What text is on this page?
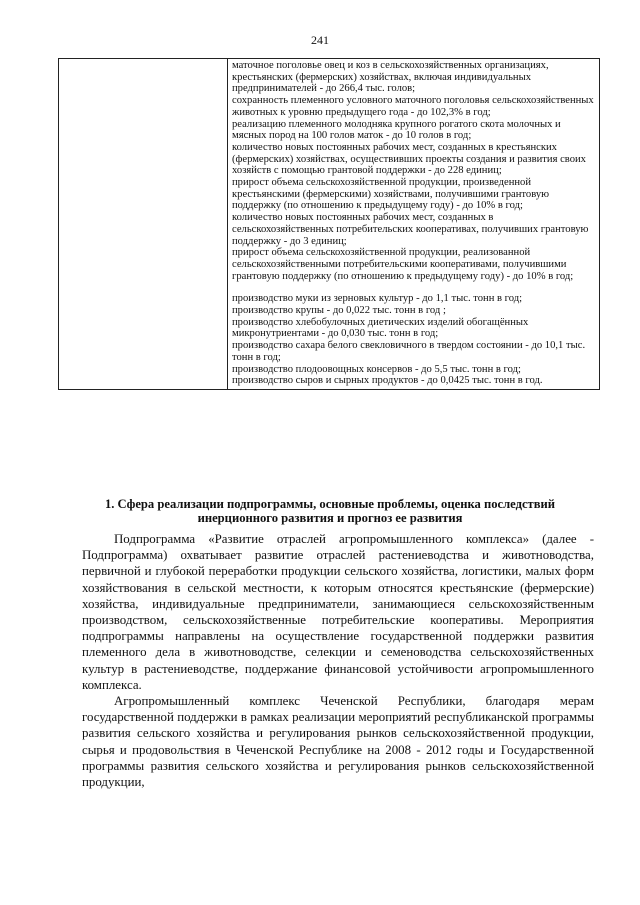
241

маточное поголовье овец и коз в сельскохозяйственных организациях, крестьянских (фермерских) хозяйствах, включая индивидуальных предпринимателей - до 266,4 тыс. голов;

сохранность племенного условного маточного поголовья сельскохозяйственных животных к уровню предыдущего года - до 102,3% в год;

реализацию племенного молодняка крупного рогатого скота молочных и мясных пород на 100 голов маток - до 10 голов в год;

количество новых постоянных рабочих мест, созданных в крестьянских (фермерских) хозяйствах, осуществивших проекты создания и развития своих хозяйств с помощью грантовой поддержки - до 228 единиц;

прирост объема сельскохозяйственной продукции, произведенной крестьянскими (фермерскими) хозяйствами, получившими грантовую поддержку (по отношению к предыдущему году) - до 10% в год;

количество новых постоянных рабочих мест, созданных в сельскохозяйственных потребительских кооперативах, получивших грантовую поддержку - до 3 единиц;

прирост объема сельскохозяйственной продукции, реализованной сельскохозяйственными потребительскими кооперативами, получившими грантовую поддержку (по отношению к предыдущему году) - до 10% в год;

производство муки из зерновых культур - до 1,1 тыс. тонн в год;

производство крупы - до 0,022 тыс. тонн в год ;

производство хлебобулочных диетических изделий обогащённых микронутриентами - до 0,030 тыс. тонн в год;

производство сахара белого свекловичного в твердом состоянии - до 10,1 тыс. тонн в год;

производство плодоовощных консервов - до 5,5 тыс. тонн в год;

производство сыров и сырных продуктов - до 0,0425 тыс. тонн в год.

1. Сфера реализации подпрограммы, основные проблемы, оценка последствий инерционного развития и прогноз ее развития

Подпрограмма «Развитие отраслей агропромышленного комплекса» (далее - Подпрограмма) охватывает развитие отраслей растениеводства и животноводства, первичной и глубокой переработки продукции сельского хозяйства, логистики, малых форм хозяйствования в сельской местности, к которым относятся крестьянские (фермерские) хозяйства, индивидуальные предприниматели, занимающиеся сельскохозяйственным производством, сельскохозяйственные потребительские кооперативы. Мероприятия подпрограммы направлены на осуществление государственной поддержки развития племенного дела в животноводстве, селекции и семеноводства сельскохозяйственных культур в растениеводстве, поддержание финансовой устойчивости агропромышленного комплекса.

Агропромышленный комплекс Чеченской Республики, благодаря мерам государственной поддержки в рамках реализации мероприятий республиканской программы развития сельского хозяйства и регулирования рынков сельскохозяйственной продукции, сырья и продовольствия в Чеченской Республике на 2008 - 2012 годы и Государственной программы развития сельского хозяйства и регулирования рынков сельскохозяйственной продукции,
